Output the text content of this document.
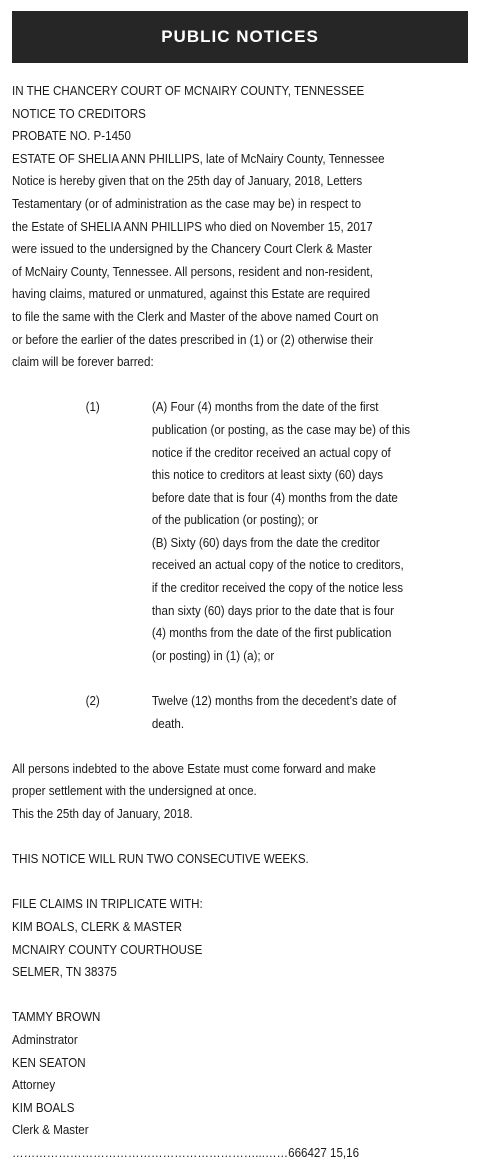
PUBLIC NOTICES
IN THE CHANCERY COURT OF MCNAIRY COUNTY, TENNESSEE
NOTICE TO CREDITORS
PROBATE NO. P-1450
ESTATE OF SHELIA ANN PHILLIPS, late of McNairy County, Tennessee
Notice is hereby given that on the 25th day of January, 2018, Letters
Testamentary (or of administration as the case may be) in respect to
the Estate of SHELIA ANN PHILLIPS who died on November 15, 2017
were issued to the undersigned by the Chancery Court Clerk & Master
of McNairy County, Tennessee. All persons, resident and non-resident,
having claims, matured or unmatured, against this Estate are required
to file the same with the Clerk and Master of the above named Court on
or before the earlier of the dates prescribed in (1) or (2) otherwise their
claim will be forever barred:
(1)	(A) Four (4) months from the date of the first
publication (or posting, as the case may be) of this
notice if the creditor received an actual copy of
this notice to creditors at least sixty (60) days
before date that is four (4) months from the date
of the publication (or posting); or
(B) Sixty (60) days from the date the creditor
received an actual copy of the notice to creditors,
if the creditor received the copy of the notice less
than sixty (60) days prior to the date that is four
(4) months from the date of the first publication
(or posting) in (1) (a); or
(2)	Twelve (12) months from the decedent’s date of
death.
All persons indebted to the above Estate must come forward and make
proper settlement with the undersigned at once.
This the 25th day of January, 2018.
THIS NOTICE WILL RUN TWO CONSECUTIVE WEEKS.
FILE CLAIMS IN TRIPLICATE WITH:
KIM BOALS, CLERK & MASTER
MCNAIRY COUNTY COURTHOUSE
SELMER, TN 38375
TAMMY BROWN
Adminstrator
KEN SEATON
Attorney
KIM BOALS
Clerk & Master
………………………………………………………...……666427 15,16
